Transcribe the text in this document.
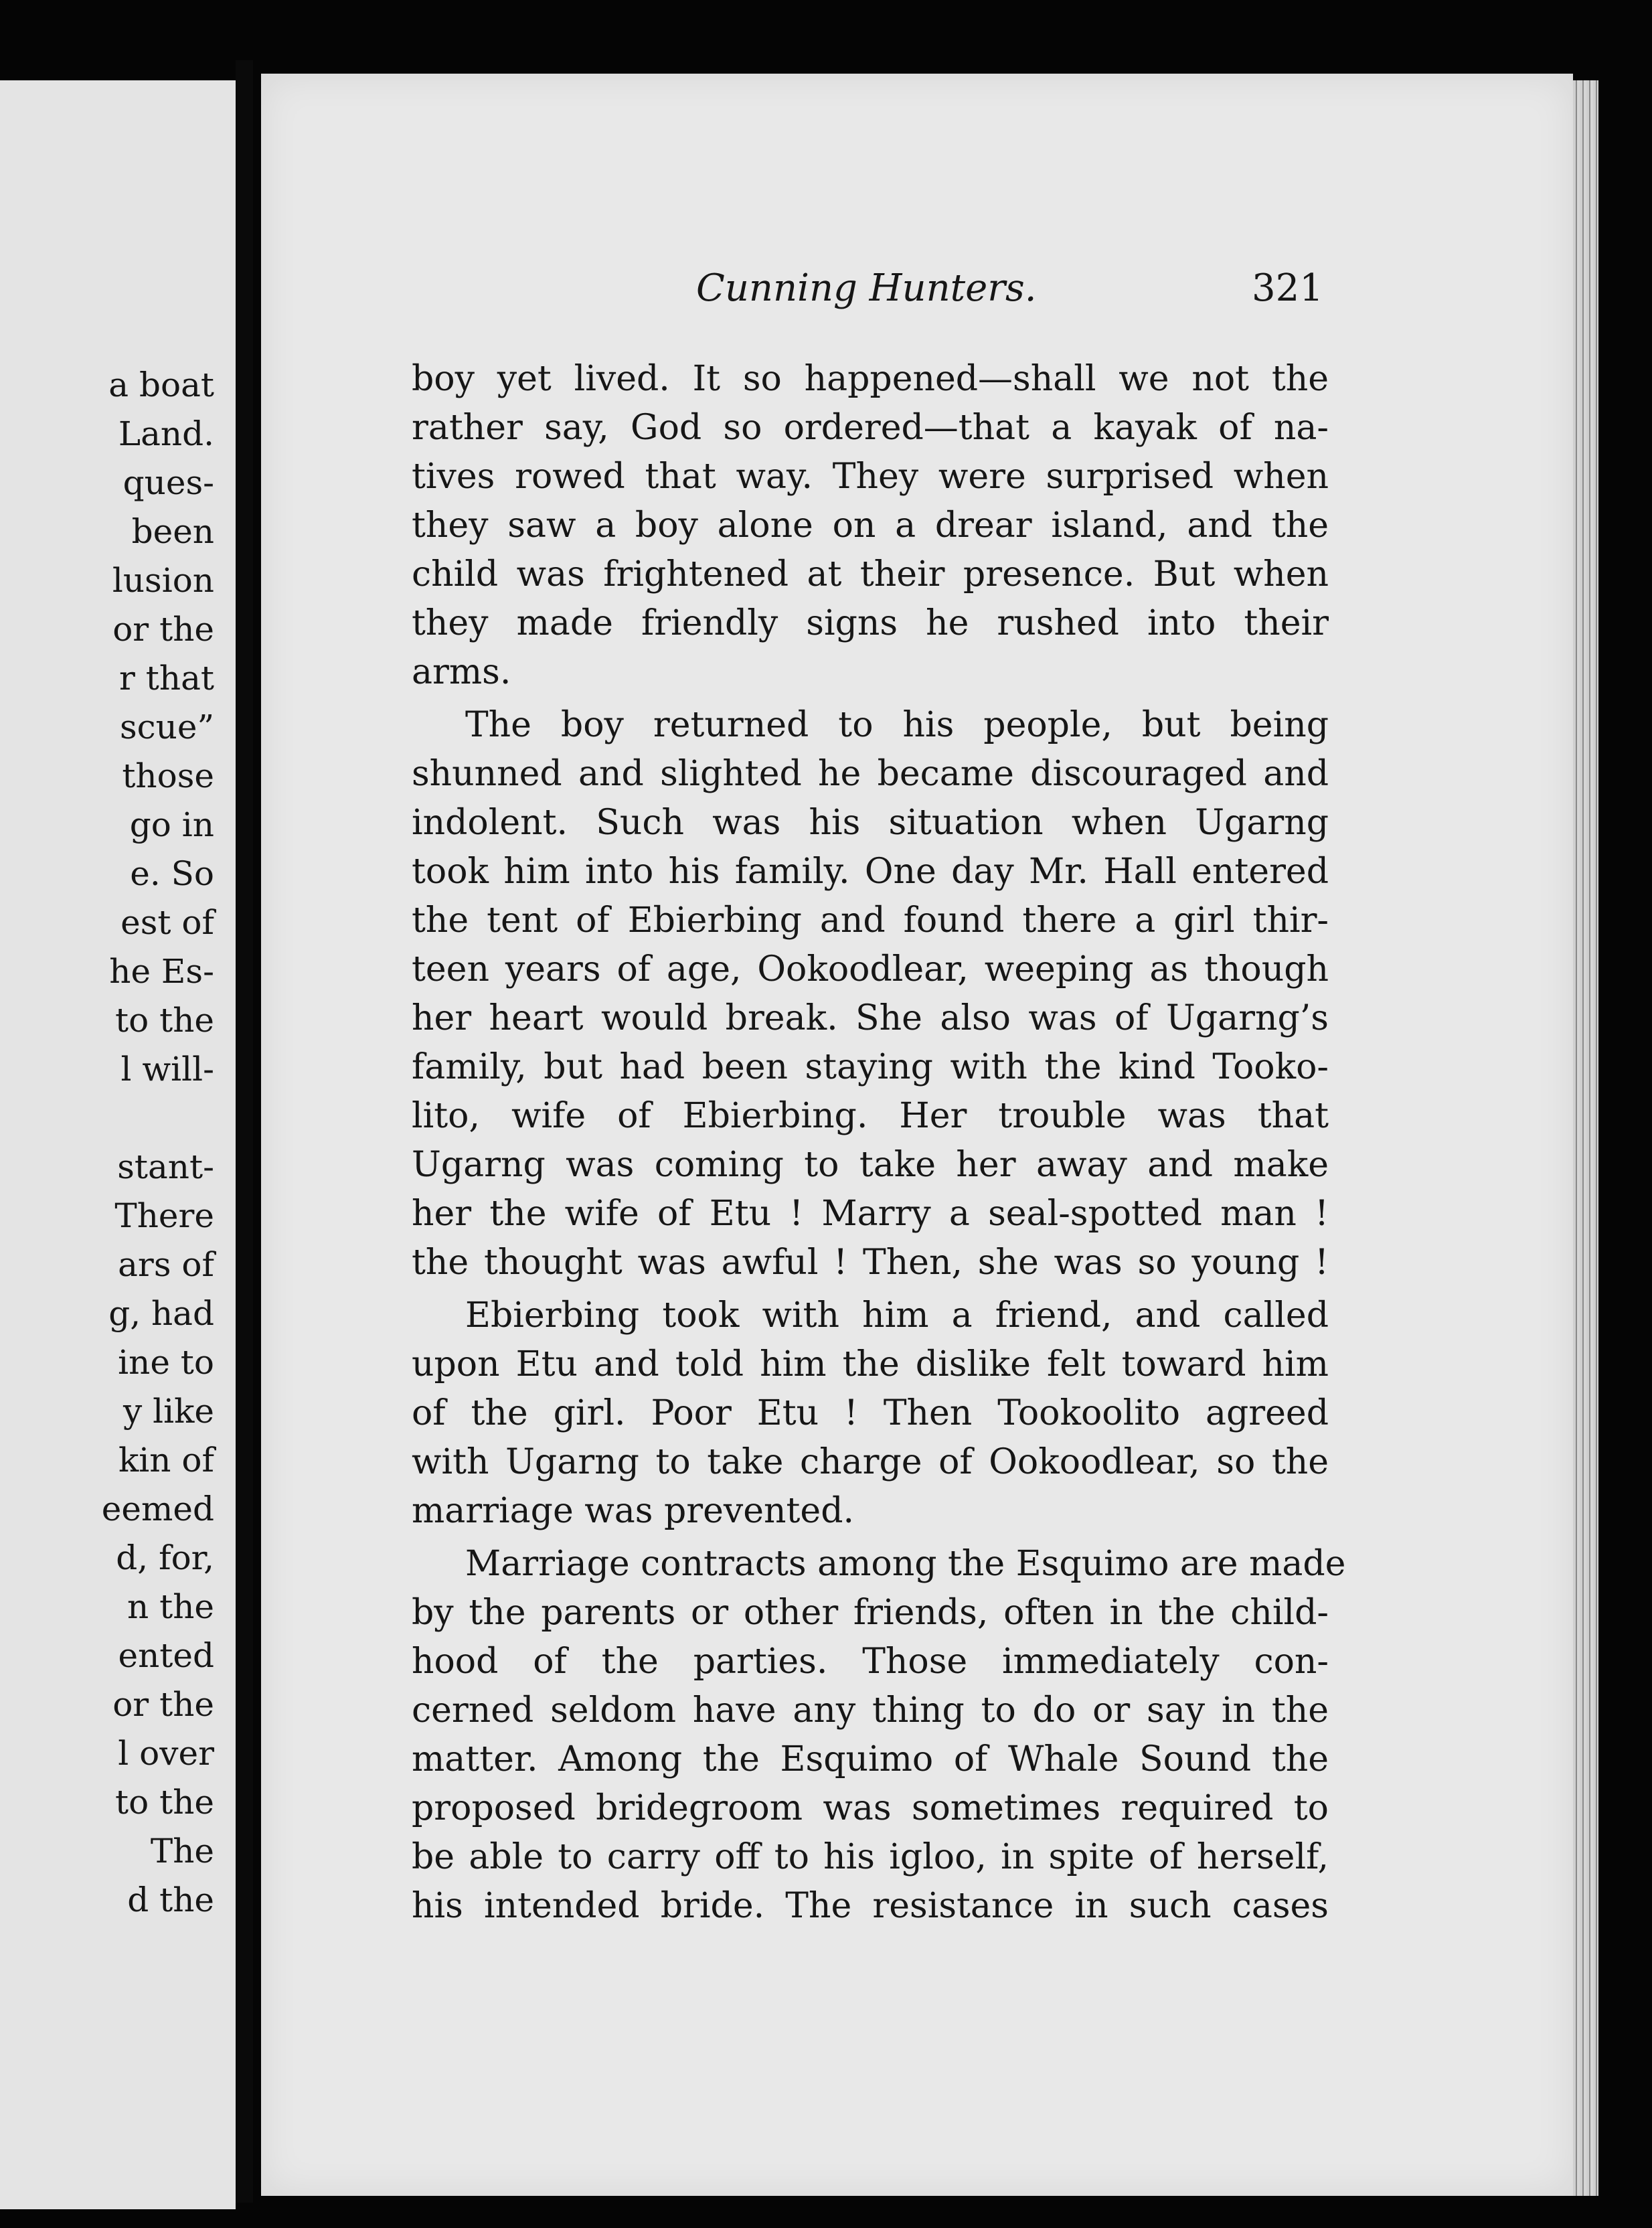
a boat
Land.
ques-
been
lusion
or the
r that
scue”
those
go in
e. So
est of
he Es-
to the
l will-
stant-
There
ars of
g, had
ine to
y like
kin of
eemed
d, for,
n the
ented
or the
l over
to the
The
d the
Cunning Hunters.	321
boy yet lived. It so happened—shall we not the
rather say, God so ordered—that a kayak of na-
tives rowed that way. They were surprised when
they saw a boy alone on a drear island, and the
child was frightened at their presence. But when
they made friendly signs he rushed into their
arms.
The boy returned to his people, but being
shunned and slighted he became discouraged and
indolent. Such was his situation when Ugarng
took him into his family. One day Mr. Hall entered
the tent of Ebierbing and found there a girl thir-
teen years of age, Ookoodlear, weeping as though
her heart would break. She also was of Ugarng’s
family, but had been staying with the kind Tooko-
lito, wife of Ebierbing. Her trouble was that
Ugarng was coming to take her away and make
her the wife of Etu ! Marry a seal-spotted man !
the thought was awful ! Then, she was so young !
Ebierbing took with him a friend, and called
upon Etu and told him the dislike felt toward him
of the girl. Poor Etu ! Then Tookoolito agreed
with Ugarng to take charge of Ookoodlear, so the
marriage was prevented.
Marriage contracts among the Esquimo are made
by the parents or other friends, often in the child-
hood of the parties. Those immediately con-
cerned seldom have any thing to do or say in the
matter. Among the Esquimo of Whale Sound the
proposed bridegroom was sometimes required to
be able to carry off to his igloo, in spite of herself,
his intended bride. The resistance in such cases
